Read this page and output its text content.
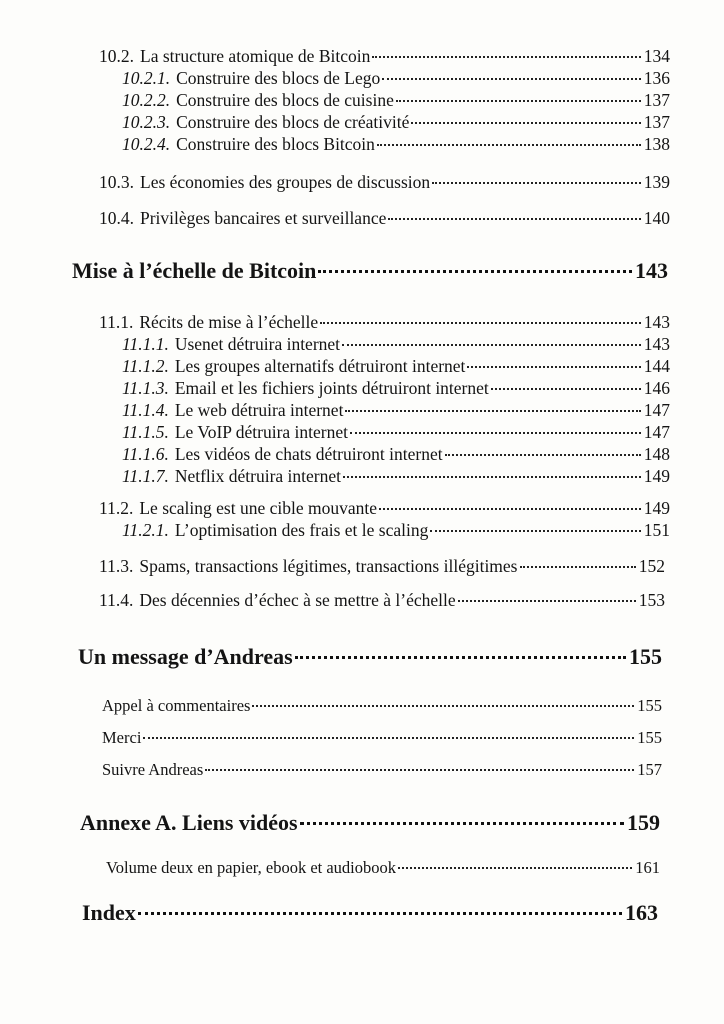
10.2. La structure atomique de Bitcoin	134
10.2.1. Construire des blocs de Lego	136
10.2.2. Construire des blocs de cuisine	137
10.2.3. Construire des blocs de créativité	137
10.2.4. Construire des blocs Bitcoin	138
10.3. Les économies des groupes de discussion	139
10.4. Privilèges bancaires et surveillance	140
Mise à l’échelle de Bitcoin	143
11.1. Récits de mise à l’échelle	143
11.1.1. Usenet détruira internet	143
11.1.2. Les groupes alternatifs détruiront internet	144
11.1.3. Email et les fichiers joints détruiront internet	146
11.1.4. Le web détruira internet	147
11.1.5. Le VoIP détruira internet	147
11.1.6. Les vidéos de chats détruiront internet	148
11.1.7. Netflix détruira internet	149
11.2. Le scaling est une cible mouvante	149
11.2.1. L’optimisation des frais et le scaling	151
11.3. Spams, transactions légitimes, transactions illégitimes	152
11.4. Des décennies d’échec à se mettre à l’échelle	153
Un message d’Andreas	155
Appel à commentaires	155
Merci	155
Suivre Andreas	157
Annexe A. Liens vidéos	159
Volume deux en papier, ebook et audiobook	161
Index	163
